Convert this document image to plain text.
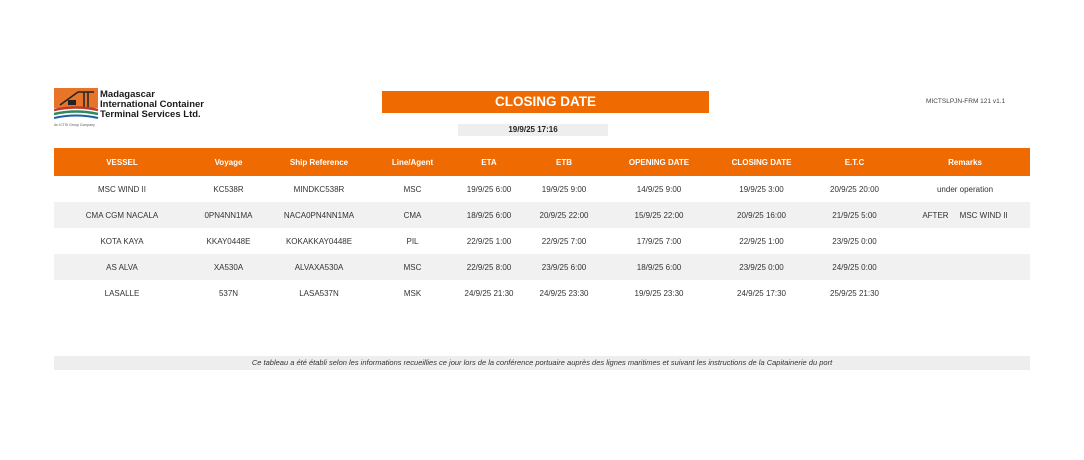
Madagascar
International Container
Terminal Services Ltd.
An ICTSI Group Company
CLOSING DATE	MICTSLPJN-FRM 121 v1.1
19/9/25 17:16
VESSEL	Voyage	Ship Reference	Line/Agent	ETA	ETB	OPENING DATE	CLOSING DATE	E.T.C	Remarks
MSC WIND II	KC538R	MINDKC538R	MSC	19/9/25 6:00	19/9/25 9:00	14/9/25 9:00	19/9/25 3:00	20/9/25 20:00	under operation
CMA CGM NACALA	0PN4NN1MA	NACA0PN4NN1MA	CMA	18/9/25 6:00	20/9/25 22:00	15/9/25 22:00	20/9/25 16:00	21/9/25 5:00	AFTER     MSC WIND II
KOTA KAYA	KKAY0448E	KOKAKKAY0448E	PIL	22/9/25 1:00	22/9/25 7:00	17/9/25 7:00	22/9/25 1:00	23/9/25 0:00	
AS ALVA	XA530A	ALVAXA530A	MSC	22/9/25 8:00	23/9/25 6:00	18/9/25 6:00	23/9/25 0:00	24/9/25 0:00	
LASALLE	537N	LASA537N	MSK	24/9/25 21:30	24/9/25 23:30	19/9/25 23:30	24/9/25 17:30	25/9/25 21:30	
Ce tableau a été établi selon les informations recueillies ce jour lors de la conférence portuaire auprès des lignes maritimes et suivant les instructions de la Capitainerie du port
